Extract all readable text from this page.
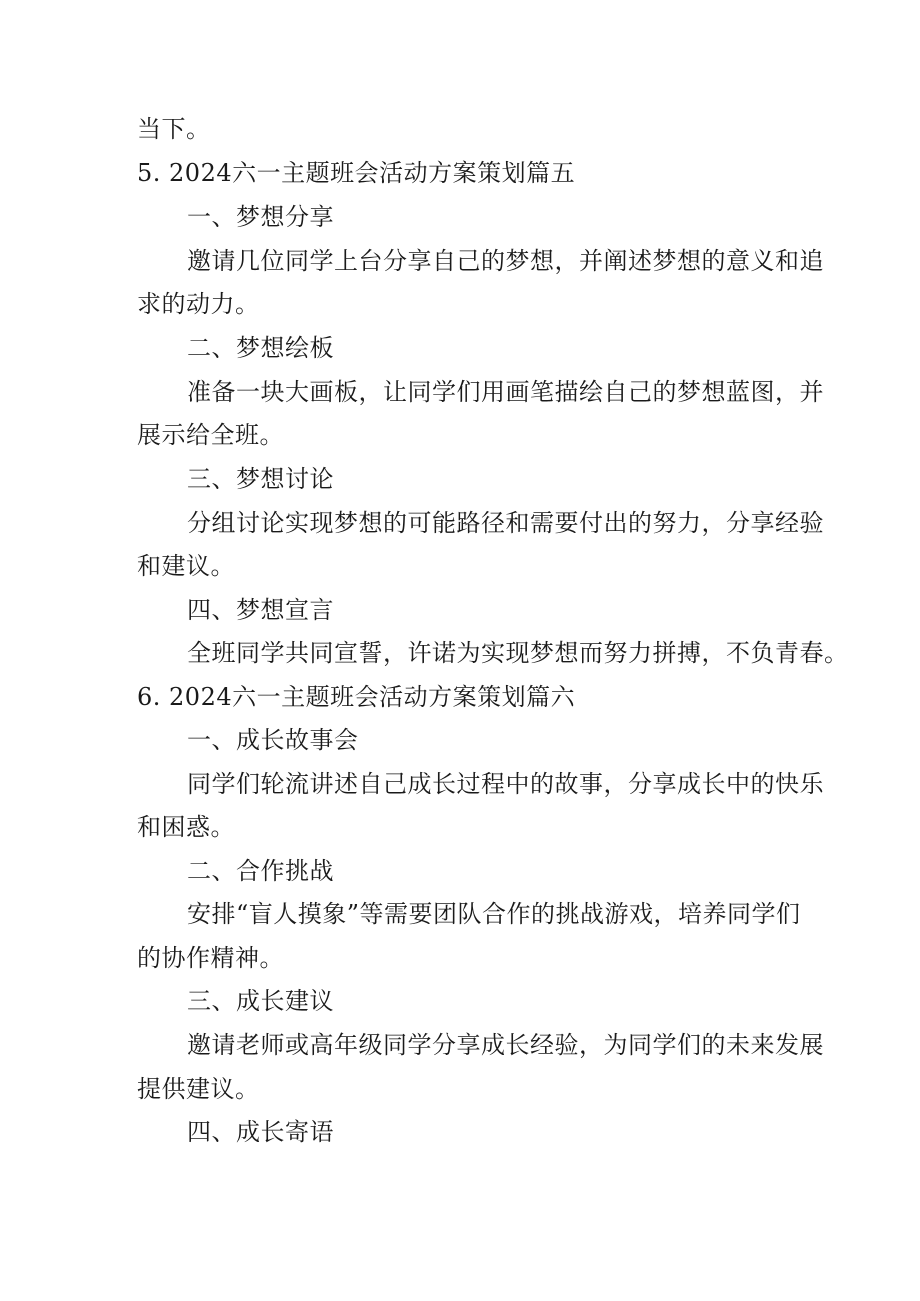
当下。
5. 2024六一主题班会活动方案策划篇五
一、梦想分享
邀请几位同学上台分享自己的梦想，并阐述梦想的意义和追
求的动力。
二、梦想绘板
准备一块大画板，让同学们用画笔描绘自己的梦想蓝图，并
展示给全班。
三、梦想讨论
分组讨论实现梦想的可能路径和需要付出的努力，分享经验
和建议。
四、梦想宣言
全班同学共同宣誓，许诺为实现梦想而努力拼搏，不负青春。
6. 2024六一主题班会活动方案策划篇六
一、成长故事会
同学们轮流讲述自己成长过程中的故事，分享成长中的快乐
和困惑。
二、合作挑战
安排“盲人摸象”等需要团队合作的挑战游戏，培养同学们
的协作精神。
三、成长建议
邀请老师或高年级同学分享成长经验，为同学们的未来发展
提供建议。
四、成长寄语
